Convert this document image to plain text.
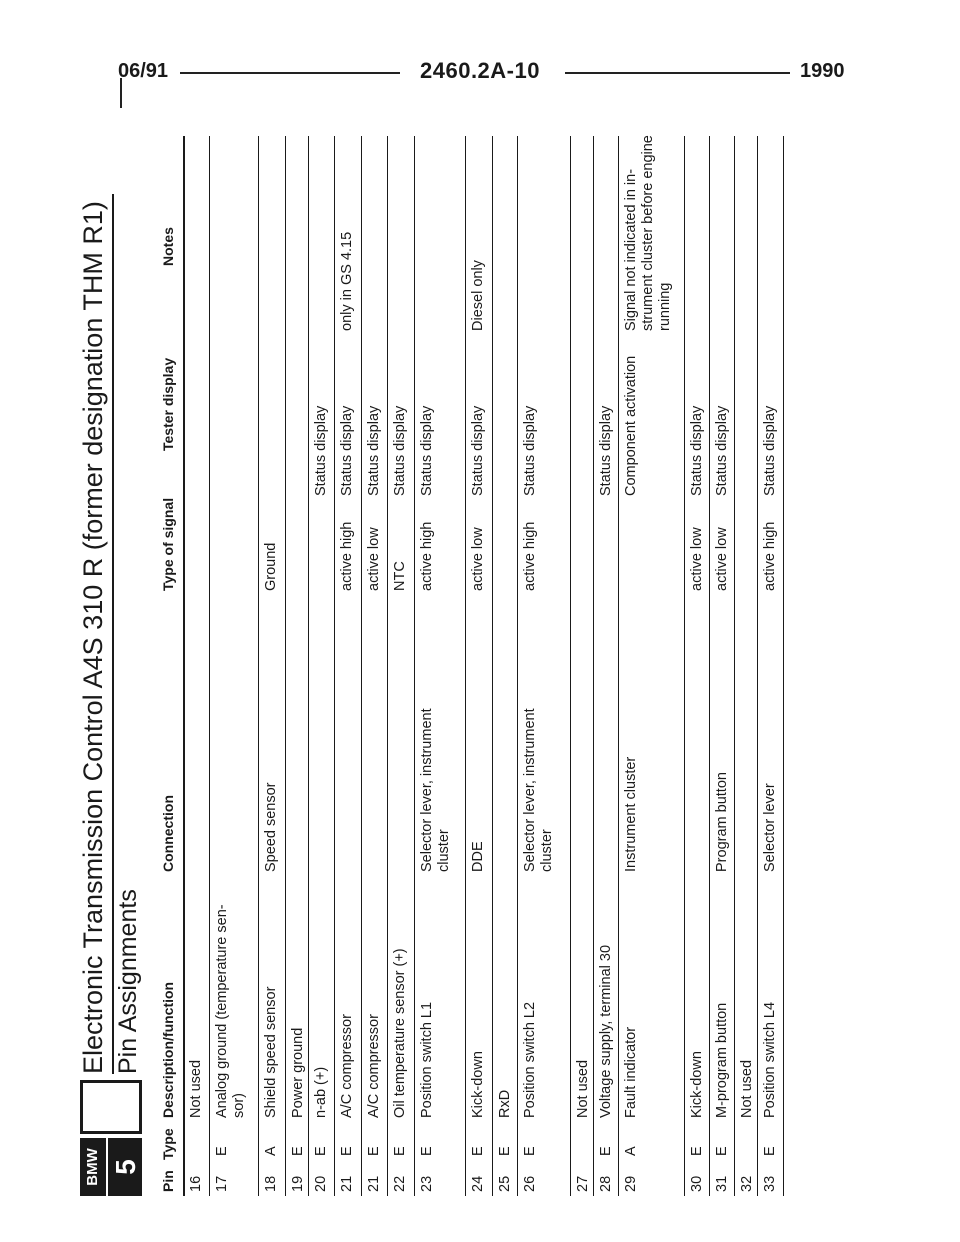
06/91	2460.2A-10	1990
BMW 5
Electronic Transmission Control A4S 310 R (former designation THM R1) Pin Assignments
Pin
Type
Description/function
Connection
Type of signal
Tester display
Notes
16
Not used
17
E
Analog ground (temperature sen-sor)
18
A
Shield speed sensor
Speed sensor
Ground
19
E
Power ground
20
E
n-ab (+)
Status display
21
E
A/C compressor
active high
Status display
only in GS 4.15
21
E
A/C compressor
active low
Status display
22
E
Oil temperature sensor (+)
NTC
Status display
23
E
Position switch L1
Selector lever, instrument cluster
active high
Status display
24
E
Kick-down
DDE
active low
Status display
Diesel only
25
E
RxD
26
E
Position switch L2
Selector lever, instrument cluster
active high
Status display
27
Not used
28
E
Voltage supply, terminal 30
Status display
29
A
Fault indicator
Instrument cluster
Component activation
Signal not indicated in in-strument cluster before engine running
30
E
Kick-down
active low
Status display
31
E
M-program button
Program button
active low
Status display
32
Not used
33
E
Position switch L4
Selector lever
active high
Status display
